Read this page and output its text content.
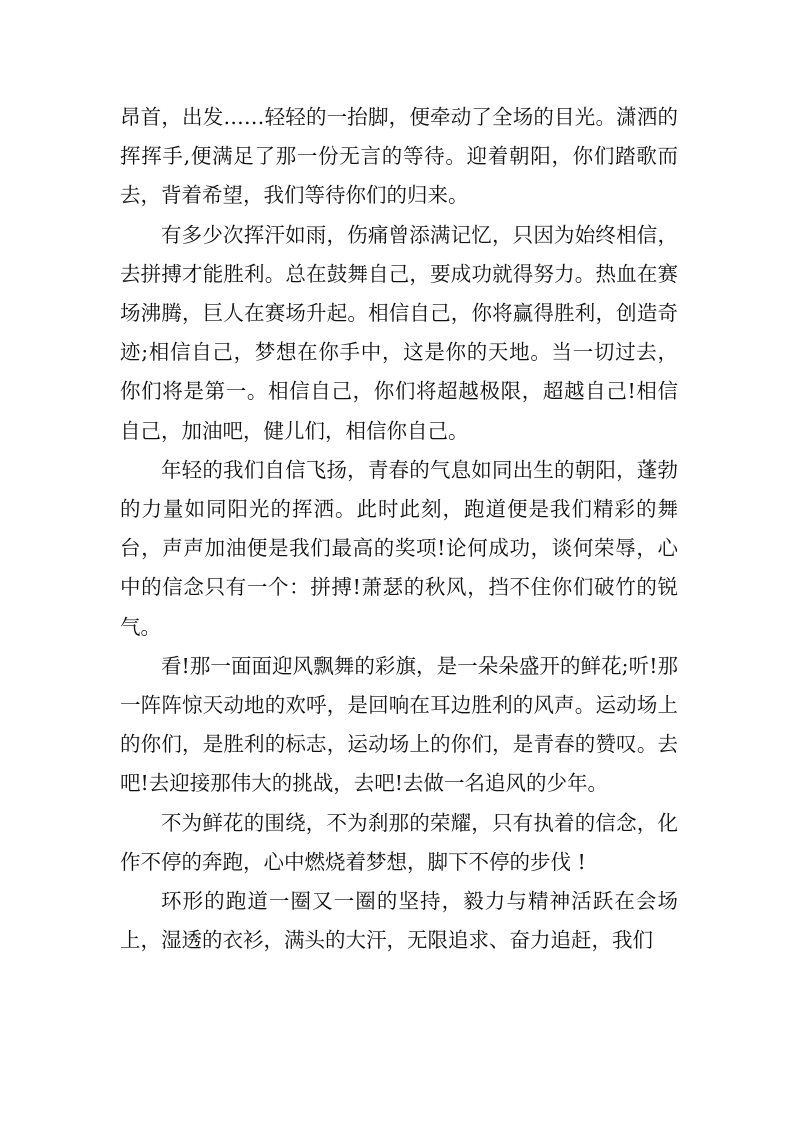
昂首，出发……轻轻的一抬脚，便牵动了全场的目光。潇洒的挥挥手,便满足了那一份无言的等待。迎着朝阳，你们踏歌而去，背着希望，我们等待你们的归来。

有多少次挥汗如雨，伤痛曾添满记忆，只因为始终相信，去拼搏才能胜利。总在鼓舞自己，要成功就得努力。热血在赛场沸腾，巨人在赛场升起。相信自己，你将赢得胜利，创造奇迹;相信自己，梦想在你手中，这是你的天地。当一切过去，你们将是第一。相信自己，你们将超越极限，超越自己!相信自己，加油吧，健儿们，相信你自己。

年轻的我们自信飞扬，青春的气息如同出生的朝阳，蓬勃的力量如同阳光的挥洒。此时此刻，跑道便是我们精彩的舞台，声声加油便是我们最高的奖项!论何成功，谈何荣辱，心中的信念只有一个：拼搏!萧瑟的秋风，挡不住你们破竹的锐气。

看!那一面面迎风飘舞的彩旗，是一朵朵盛开的鲜花;听!那一阵阵惊天动地的欢呼，是回响在耳边胜利的风声。运动场上的你们，是胜利的标志，运动场上的你们，是青春的赞叹。去吧!去迎接那伟大的挑战，去吧!去做一名追风的少年。

不为鲜花的围绕，不为刹那的荣耀，只有执着的信念，化作不停的奔跑，心中燃烧着梦想，脚下不停的步伐 !

环形的跑道一圈又一圈的坚持，毅力与精神活跃在会场上，湿透的衣衫，满头的大汗，无限追求、奋力追赶，我们
